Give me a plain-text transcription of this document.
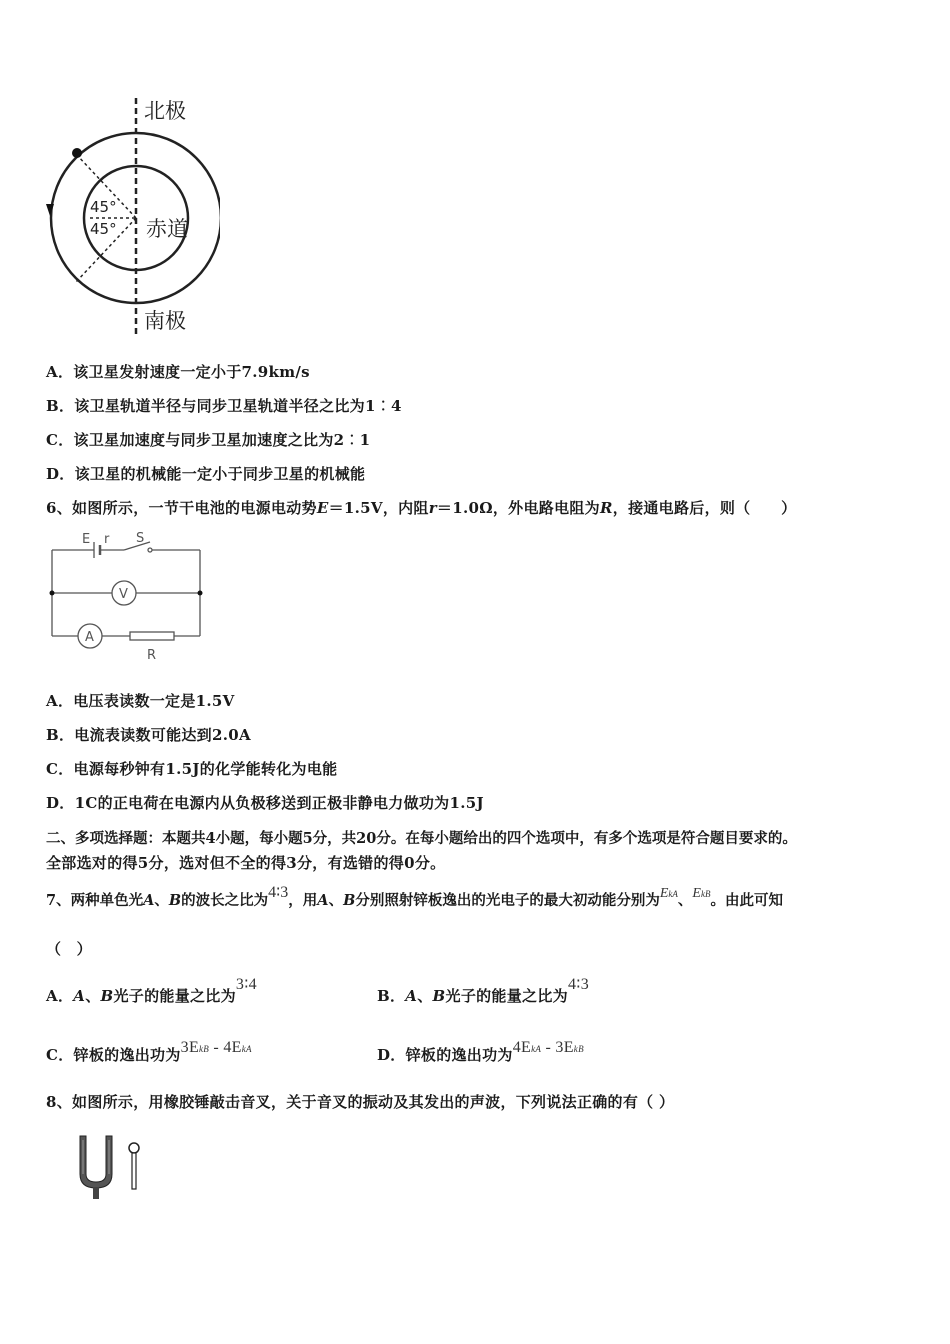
北极
南极
赤道
45°
45°
A．该卫星发射速度一定小于7.9km/s
B．该卫星轨道半径与同步卫星轨道半径之比为1︰4
C．该卫星加速度与同步卫星加速度之比为2︰1
D．该卫星的机械能一定小于同步卫星的机械能
6、如图所示，一节干电池的电源电动势E＝1.5V，内阻r＝1.0Ω，外电路电阻为R，接通电路后，则（　　）
E r S
V
A
R
A．电压表读数一定是1.5V
B．电流表读数可能达到2.0A
C．电源每秒钟有1.5J的化学能转化为电能
D．1C的正电荷在电源内从负极移送到正极非静电力做功为1.5J
二、多项选择题：本题共4小题，每小题5分，共20分。在每小题给出的四个选项中，有多个选项是符合题目要求的。
全部选对的得5分，选对但不全的得3分，有选错的得0分。
7、两种单色光A、B的波长之比为4∶3，用A、B分别照射锌板逸出的光电子的最大初动能分别为EkA、EkB。由此可知
（　）
A．A、B光子的能量之比为3∶4
B．A、B光子的能量之比为4∶3
C．锌板的逸出功为3EkB - 4EkA	D．锌板的逸出功为4EkA - 3EkB
8、如图所示，用橡胶锤敲击音叉，关于音叉的振动及其发出的声波，下列说法正确的有（ ）
